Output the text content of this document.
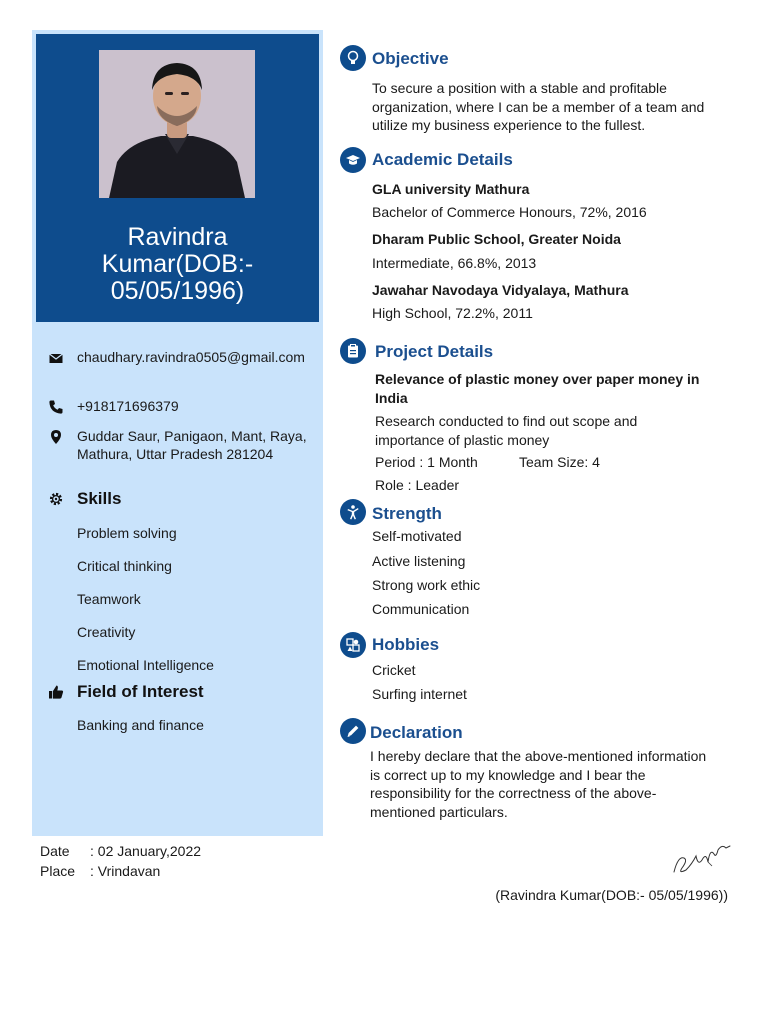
Ravindra
Kumar(DOB:-
05/05/1996)
chaudhary.ravindra0505@gmail.com
+918171696379
Guddar Saur, Panigaon, Mant, Raya, Mathura, Uttar Pradesh 281204
Skills
Problem solving
Critical thinking
Teamwork
Creativity
Emotional Intelligence
Field of Interest
Banking and finance
Objective
To secure a position with a stable and profitable organization, where I can be a member of a team and utilize my business experience to the fullest.
Academic Details
GLA university Mathura
Bachelor of Commerce Honours, 72%, 2016
Dharam Public School, Greater Noida
Intermediate, 66.8%, 2013
Jawahar Navodaya Vidyalaya, Mathura
High School, 72.2%, 2011
Project Details
Relevance of plastic money over paper money in India
Research conducted to find out scope and importance of plastic money
Period : 1 Month	Team Size: 4
Role : Leader
Strength
Self-motivated
Active listening
Strong work ethic
Communication
Hobbies
Cricket
Surfing internet
Declaration
I hereby declare that the above-mentioned information is correct up to my knowledge and I bear the responsibility for the correctness of the above-mentioned particulars.
Date : 02 January,2022
Place : Vrindavan
(Ravindra Kumar(DOB:- 05/05/1996))
